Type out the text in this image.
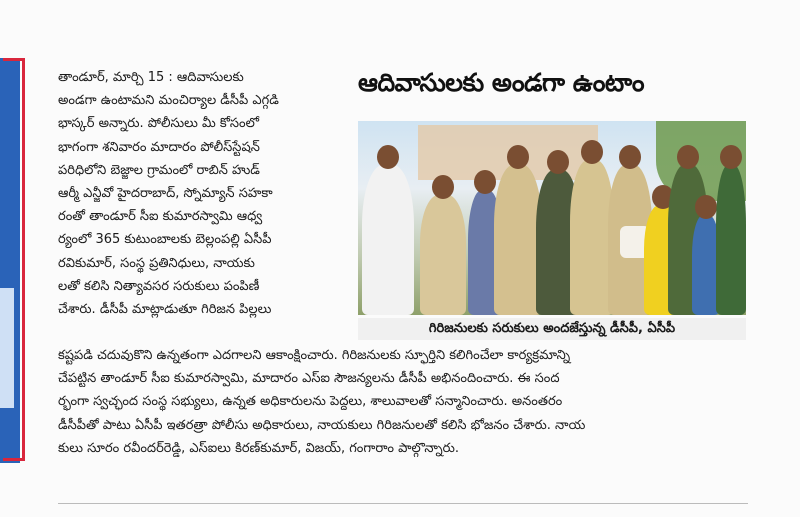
తాండూర్, మార్చి 15 : ఆదివాసులకు
అండగా ఉంటామని మంచిర్యాల డీసీపీ ఎగ్గడి
భాస్కర్ అన్నారు. పోలీసులు మీ కోసంలో
భాగంగా శనివారం మాదారం పోలీస్‌స్టేషన్
పరిధిలోని బెజ్జాల గ్రామంలో రాబిన్ హుడ్
ఆర్మీ ఎన్జీవో హైదరాబాద్, స్నోమ్యాన్ సహకా
రంతో తాండూర్ సీఐ కుమారస్వామి ఆధ్వ
ర్యంలో 365 కుటుంబాలకు బెల్లంపల్లి ఏసీపీ
రవికుమార్, సంస్థ ప్రతినిధులు, నాయకు
లతో కలిసి నిత్యావసర సరుకులు పంపిణీ
చేశారు. డీసీపీ మాట్లాడుతూ గిరిజన పిల్లలు
ఆదివాసులకు అండగా ఉంటాం
గిరిజనులకు సరుకులు అందజేస్తున్న డీసీపీ, ఏసీపీ
కష్టపడి చదువుకొని ఉన్నతంగా ఎదగాలని ఆకాంక్షించారు. గిరిజనులకు స్ఫూర్తిని కలిగించేలా కార్యక్రమాన్ని
చేపట్టిన తాండూర్ సీఐ కుమారస్వామి, మాదారం ఎస్ఐ సౌజన్యలను డీసీపీ అభినందించారు. ఈ సంద
ర్భంగా స్వచ్ఛంద సంస్థ సభ్యులు, ఉన్నత అధికారులను పెద్దలు, శాలువాలతో సన్మానించారు. అనంతరం
డీసీపీతో పాటు ఏసీపీ ఇతరత్రా పోలీసు అధికారులు, నాయకులు గిరిజనులతో కలిసి భోజనం చేశారు. నాయ
కులు సూరం రవీందర్‌రెడ్డి, ఎస్ఐలు కిరణ్‌కుమార్, విజయ్, గంగారాం పాల్గొన్నారు.
